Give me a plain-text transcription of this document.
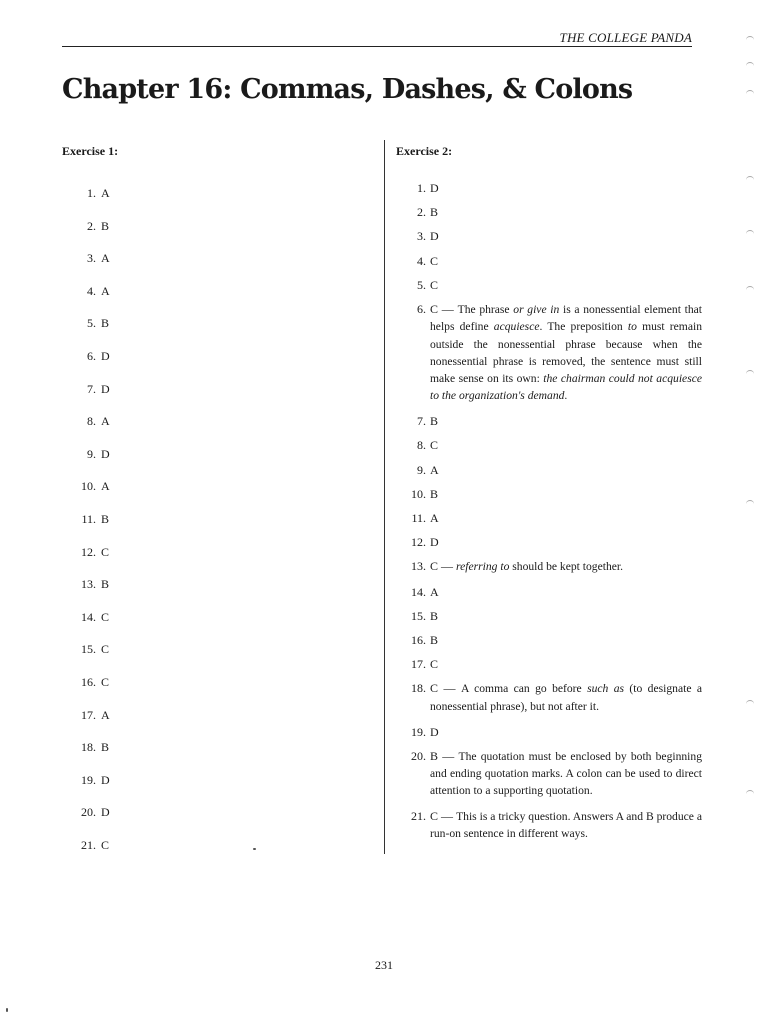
THE COLLEGE PANDA
Chapter 16: Commas, Dashes, & Colons
Exercise 1:	Exercise 2:
1. A
2. B
3. A
4. A
5. B
6. D
7. D
8. A
9. D
10. A
11. B
12. C
13. B
14. C
15. C
16. C
17. A
18. B
19. D
20. D
21. C
1. D
2. B
3. D
4. C
5. C
6. C — The phrase or give in is a nonessential element that helps define acquiesce. The preposition to must remain outside the nonessential phrase because when the nonessential phrase is removed, the sentence must still make sense on its own: the chairman could not acquiesce to the organization's demand.
7. B
8. C
9. A
10. B
11. A
12. D
13. C — referring to should be kept together.
14. A
15. B
16. B
17. C
18. C — A comma can go before such as (to designate a nonessential phrase), but not after it.
19. D
20. B — The quotation must be enclosed by both beginning and ending quotation marks. A colon can be used to direct attention to a supporting quotation.
21. C — This is a tricky question. Answers A and B produce a run-on sentence in different ways.
231
